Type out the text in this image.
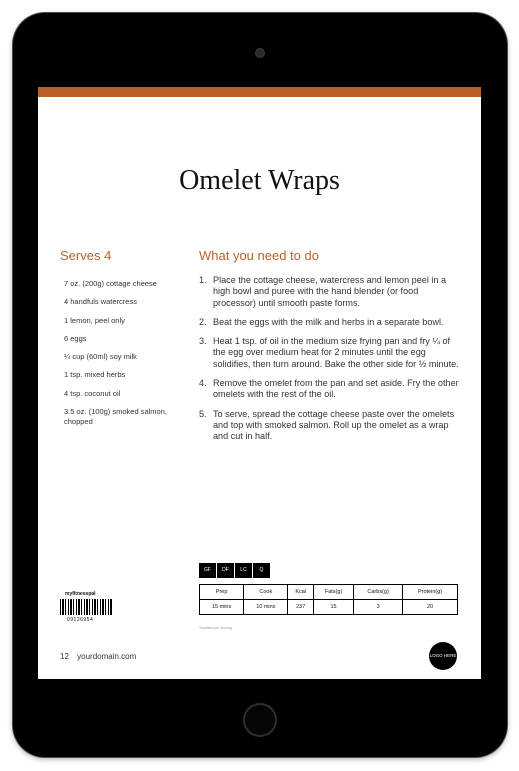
Omelet Wraps
Serves 4	What you need to do
7 oz. (200g) cottage cheese
4 handfuls watercress
1 lemon, peel only
6 eggs
¼ cup (60ml) soy milk
1 tsp. mixed herbs
4 tsp. coconut oil
3.5 oz. (100g) smoked salmon, chopped
1. Place the cottage cheese, watercress and lemon peel in a high bowl and puree with the hand blender (or food processor) until smooth paste forms.
2. Beat the eggs with the milk and herbs in a separate bowl.
3. Heat 1 tsp. of oil in the medium size frying pan and fry ¼ of the egg over medium heat for 2 minutes until the egg solidifies, then turn around. Bake the other side for ½ minute.
4. Remove the omelet from the pan and set aside. Fry the other omelets with the rest of the oil.
5. To serve, spread the cottage cheese paste over the omelets and top with smoked salmon. Roll up the omelet as a wrap and cut in half.
GF	DF	LC	Q
Prep	Cook	Kcal	Fats(g)	Carbs(g)	Protein(g)
15 mins	10 mins	237	15	3	20
*Nutrition per serving
myfitnesspal
09126954
12 yourdomain.com	LOGO HERE
